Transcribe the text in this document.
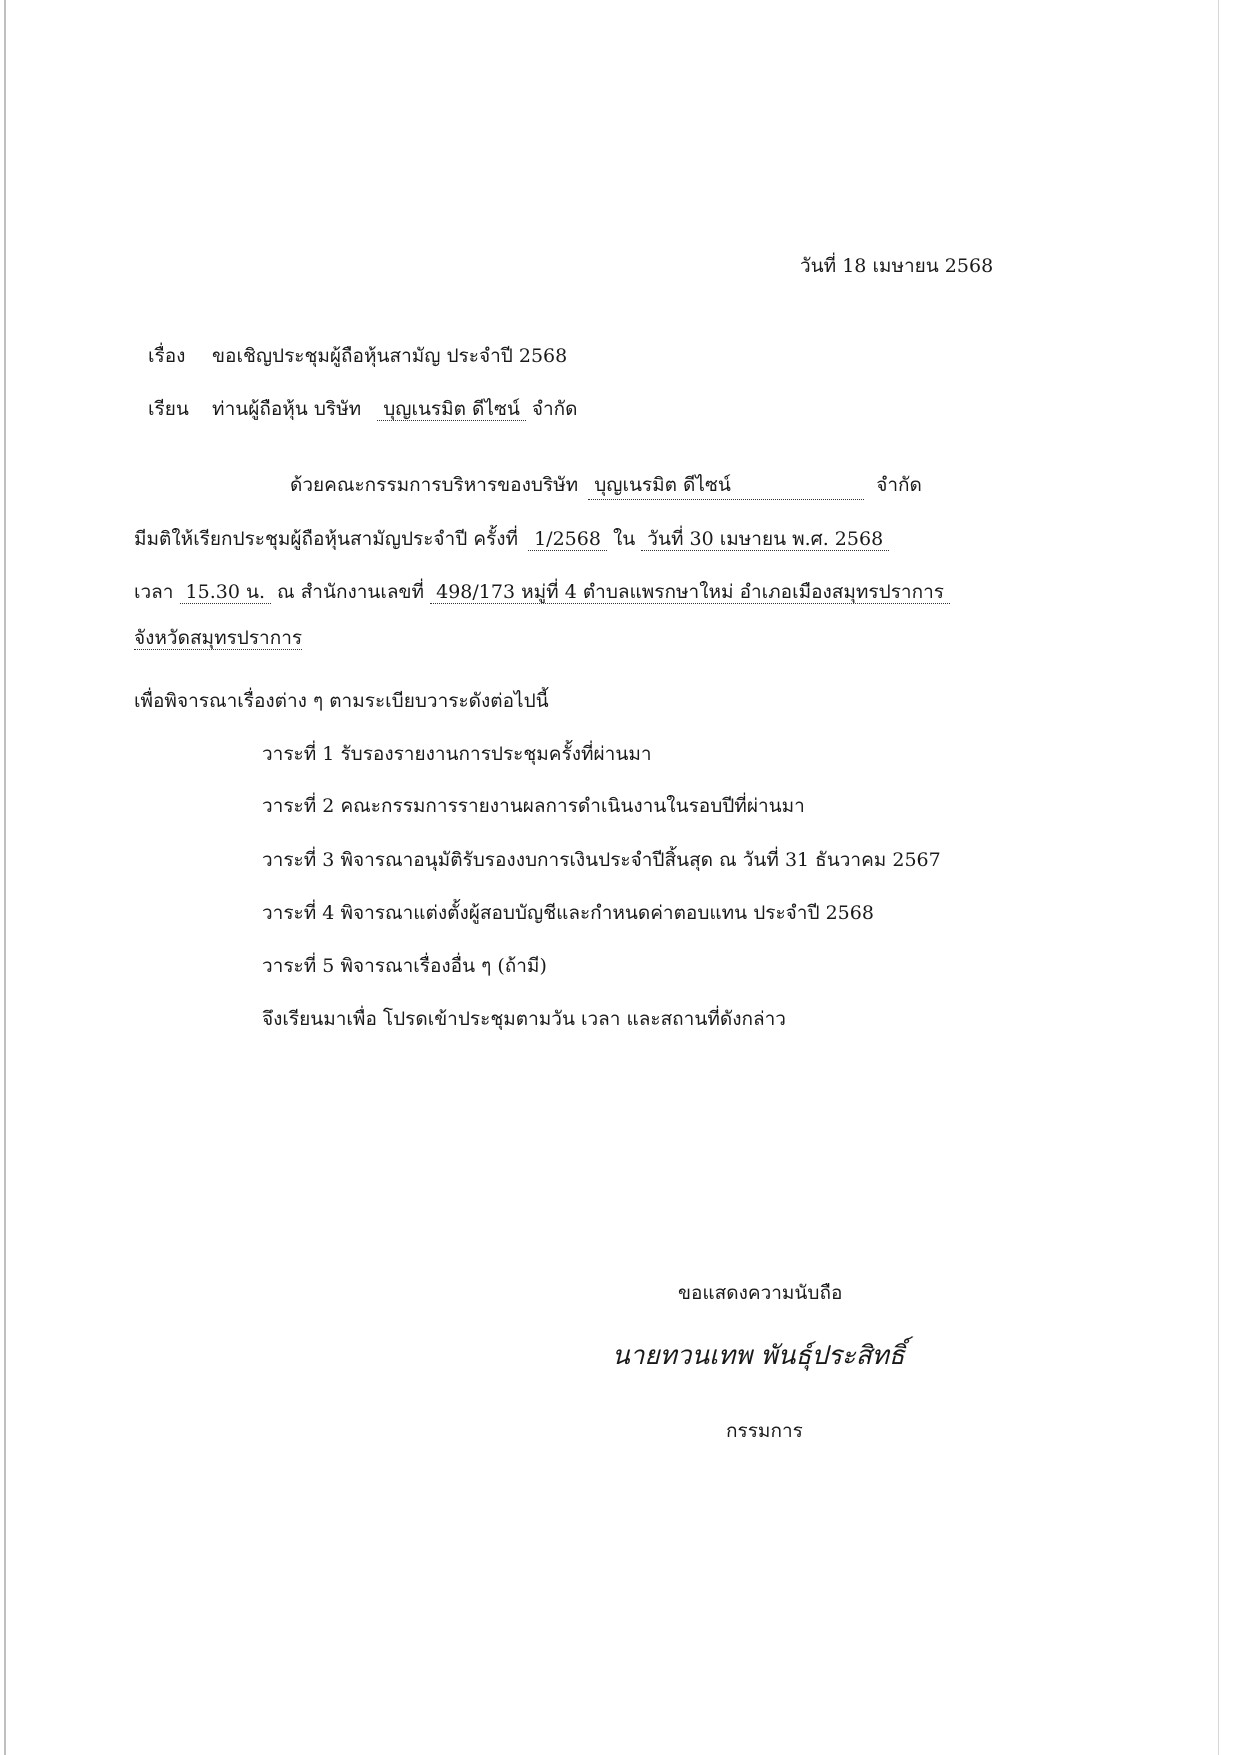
วันที่ 18 เมษายน 2568
เรื่อง ขอเชิญประชุมผู้ถือหุ้นสามัญ ประจำปี 2568
เรียน ท่านผู้ถือหุ้น บริษัท บุญเนรมิต ดีไซน์ จำกัด
ด้วยคณะกรรมการบริหารของบริษัท บุญเนรมิต ดีไซน์	จำกัด
มีมติให้เรียกประชุมผู้ถือหุ้นสามัญประจำปี ครั้งที่ 1/2568 ใน วันที่ 30 เมษายน พ.ศ. 2568
เวลา 15.30 น. ณ สำนักงานเลขที่ 498/173 หมู่ที่ 4 ตำบลแพรกษาใหม่ อำเภอเมืองสมุทรปราการ
จังหวัดสมุทรปราการ
เพื่อพิจารณาเรื่องต่าง ๆ ตามระเบียบวาระดังต่อไปนี้
วาระที่ 1 รับรองรายงานการประชุมครั้งที่ผ่านมา
วาระที่ 2 คณะกรรมการรายงานผลการดำเนินงานในรอบปีที่ผ่านมา
วาระที่ 3 พิจารณาอนุมัติรับรองงบการเงินประจำปีสิ้นสุด ณ วันที่ 31 ธันวาคม 2567
วาระที่ 4 พิจารณาแต่งตั้งผู้สอบบัญชีและกำหนดค่าตอบแทน ประจำปี 2568
วาระที่ 5 พิจารณาเรื่องอื่น ๆ (ถ้ามี)
จึงเรียนมาเพื่อ โปรดเข้าประชุมตามวัน เวลา และสถานที่ดังกล่าว
ขอแสดงความนับถือ
นายทวนเทพ พันธุ์ประสิทธิ์
กรรมการ
